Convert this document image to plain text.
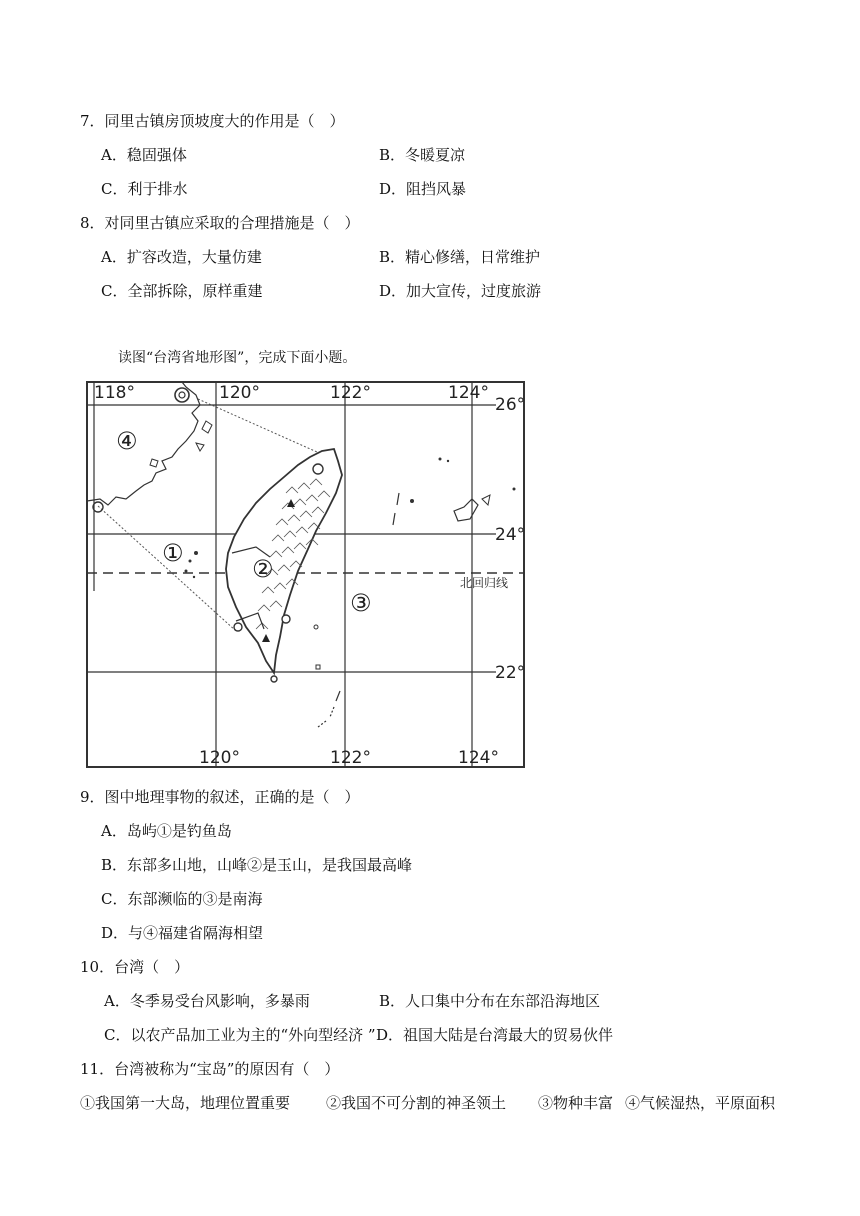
7．同里古镇房顶坡度大的作用是（　）
A．稳固强体	B．冬暖夏凉
C．利于排水	D．阻挡风暴
8．对同里古镇应采取的合理措施是（　）
A．扩容改造，大量仿建	B．精心修缮，日常维护
C．全部拆除，原样重建	D．加大宣传，过度旅游
读图“台湾省地形图”，完成下面小题。
118°	120°	122°	124°
120°	122°	124°
26°
24°
22°
北回归线
④
①
②
③
9．图中地理事物的叙述，正确的是（　）
A．岛屿①是钓鱼岛
B．东部多山地，山峰②是玉山，是我国最高峰
C．东部濒临的③是南海
D．与④福建省隔海相望
10．台湾（　）
A．冬季易受台风影响，多暴雨	B．人口集中分布在东部沿海地区
C．以农产品加工业为主的“外向型经济 ” D．祖国大陆是台湾最大的贸易伙伴
11．台湾被称为“宝岛”的原因有（　）
①我国第一大岛，地理位置重要 ②我国不可分割的神圣领土 ③物种丰富 ④气候湿热，平原面积
